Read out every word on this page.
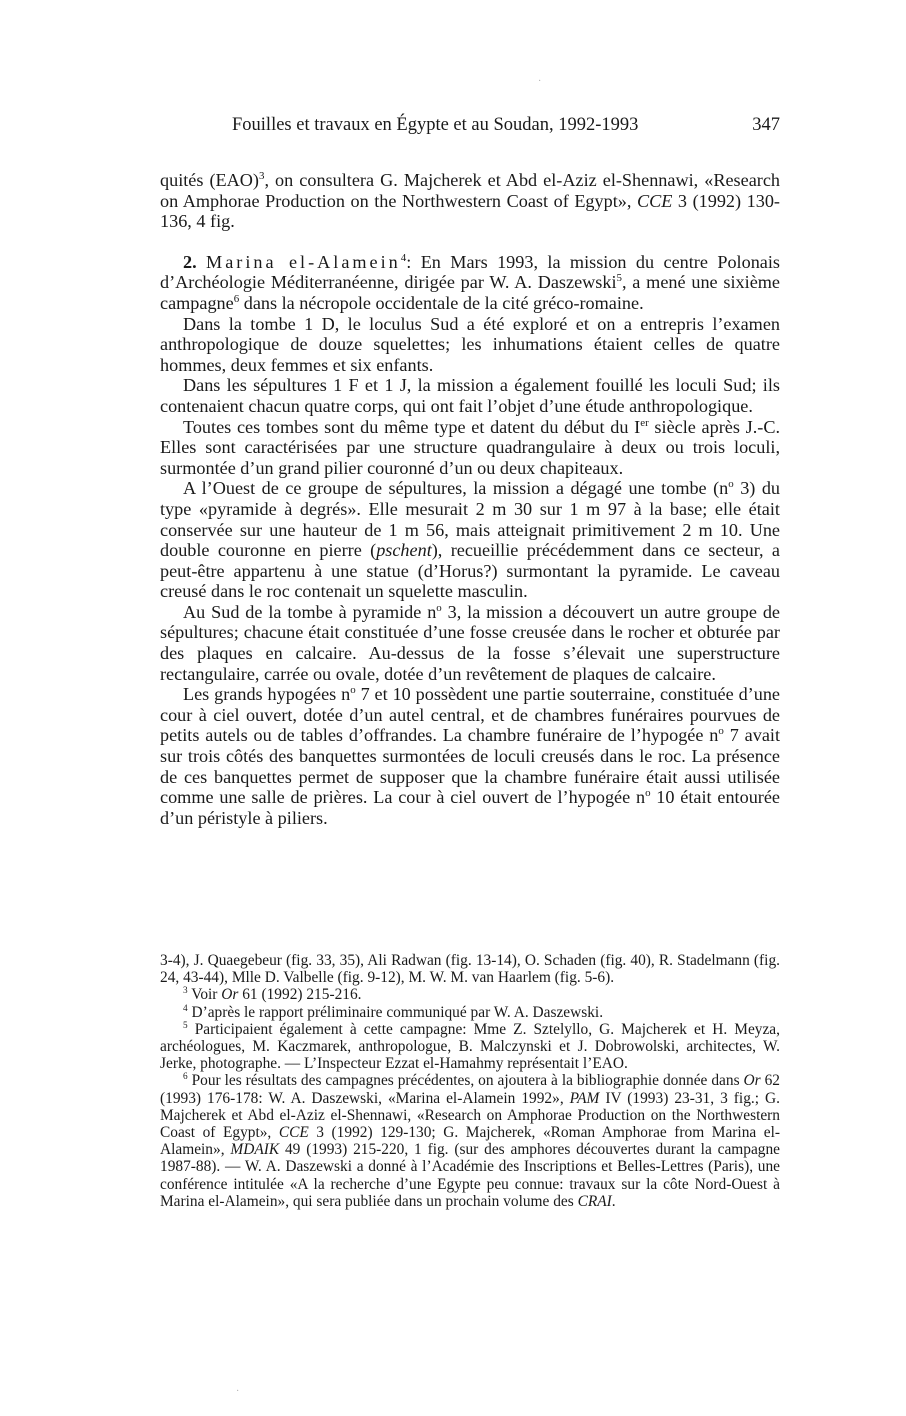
·
·
Fouilles et travaux en Égypte et au Soudan, 1992-1993	347

quités (EAO)$^3$, on consultera G. Majcherek et Abd el-Aziz el-Shennawi, «Research on Amphorae Production on the Northwestern Coast of Egypt», CCE 3 (1992) 130-136, 4 fig.

2. Marina el-Alamein$^4$: En Mars 1993, la mission du centre Polonais d’Archéologie Méditerranéenne, dirigée par W. A. Daszewski$^5$, a mené une sixième campagne$^6$ dans la nécropole occidentale de la cité gréco-romaine.

Dans la tombe 1 D, le loculus Sud a été exploré et on a entrepris l’examen anthropologique de douze squelettes; les inhumations étaient celles de quatre hommes, deux femmes et six enfants.

Dans les sépultures 1 F et 1 J, la mission a également fouillé les loculi Sud; ils contenaient chacun quatre corps, qui ont fait l’objet d’une étude anthropologique.

Toutes ces tombes sont du même type et datent du début du Ier siècle après J.-C. Elles sont caractérisées par une structure quadrangulaire à deux ou trois loculi, surmontée d’un grand pilier couronné d’un ou deux chapiteaux.

A l’Ouest de ce groupe de sépultures, la mission a dégagé une tombe ($n^o$ 3) du type «pyramide à degrés». Elle mesurait 2 m 30 sur 1 m 97 à la base; elle était conservée sur une hauteur de 1 m 56, mais atteignait primitivement 2 m 10. Une double couronne en pierre (pschent), recueillie précédemment dans ce secteur, a peut-être appartenu à une statue (d’Horus?) surmontant la pyramide. Le caveau creusé dans le roc contenait un squelette masculin.

Au Sud de la tombe à pyramide $n^o$ 3, la mission a découvert un autre groupe de sépultures; chacune était constituée d’une fosse creusée dans le rocher et obturée par des plaques en calcaire. Au-dessus de la fosse s’élevait une superstructure rectangulaire, carrée ou ovale, dotée d’un revêtement de plaques de calcaire.

Les grands hypogées $n^o$ 7 et 10 possèdent une partie souterraine, constituée d’une cour à ciel ouvert, dotée d’un autel central, et de chambres funéraires pourvues de petits autels ou de tables d’offrandes. La chambre funéraire de l’hypogée $n^o$ 7 avait sur trois côtés des banquettes surmontées de loculi creusés dans le roc. La présence de ces banquettes permet de supposer que la chambre funéraire était aussi utilisée comme une salle de prières. La cour à ciel ouvert de l’hypogée $n^o$ 10 était entourée d’un péristyle à piliers.

3-4), J. Quaegebeur (fig. 33, 35), Ali Radwan (fig. 13-14), O. Schaden (fig. 40), R. Stadelmann (fig. 24, 43-44), Mlle D. Valbelle (fig. 9-12), M. W. M. van Haarlem (fig. 5-6).

$^3$ Voir Or 61 (1992) 215-216.

$^4$ D’après le rapport préliminaire communiqué par W. A. Daszewski.

$^5$ Participaient également à cette campagne: Mme Z. Sztelyllo, G. Majcherek et H. Meyza, archéologues, M. Kaczmarek, anthropologue, B. Malczynski et J. Dobrowolski, architectes, W. Jerke, photographe. — L’Inspecteur Ezzat el-Hamahmy représentait l’EAO.

$^6$ Pour les résultats des campagnes précédentes, on ajoutera à la bibliographie donnée dans Or 62 (1993) 176-178: W. A. Daszewski, «Marina el-Alamein 1992», PAM IV (1993) 23-31, 3 fig.; G. Majcherek et Abd el-Aziz el-Shennawi, «Research on Amphorae Production on the Northwestern Coast of Egypt», CCE 3 (1992) 129-130; G. Majcherek, «Roman Amphorae from Marina el-Alamein», MDAIK 49 (1993) 215-220, 1 fig. (sur des amphores découvertes durant la campagne 1987-88). — W. A. Daszewski a donné à l’Académie des Inscriptions et Belles-Lettres (Paris), une conférence intitulée «A la recherche d’une Egypte peu connue: travaux sur la côte Nord-Ouest à Marina el-Alamein», qui sera publiée dans un prochain volume des CRAI.
